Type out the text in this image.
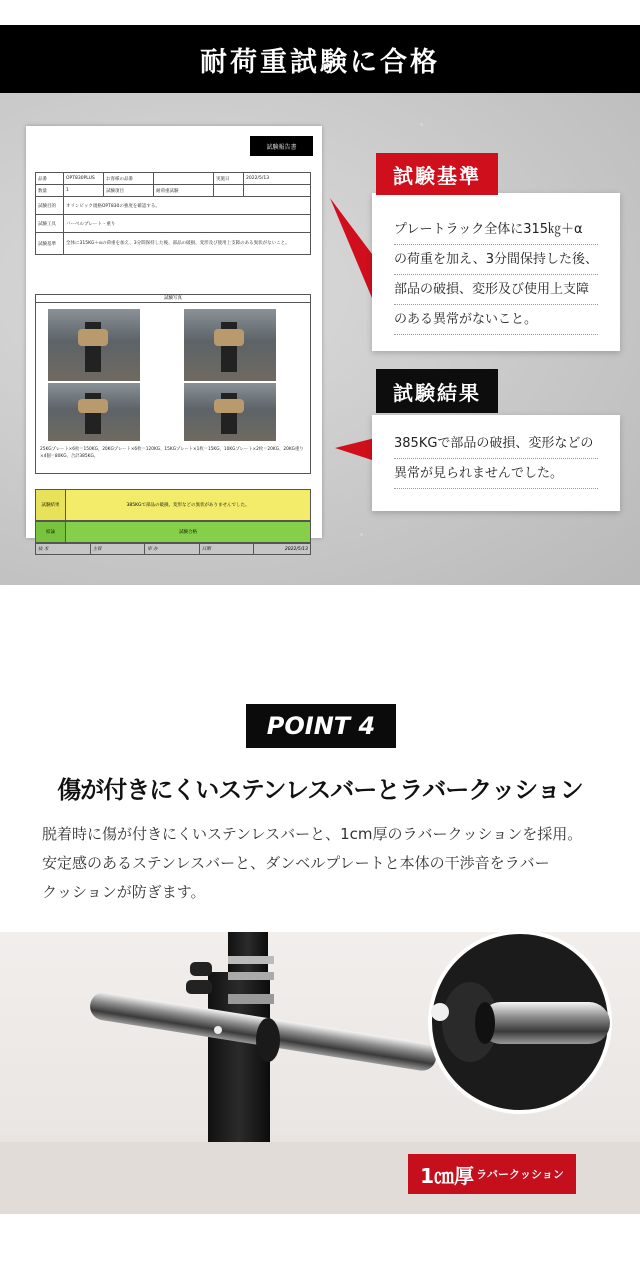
耐荷重試験に合格
試験報告書
品番	OPT830PLUS	お客様の品番		実施日	2022/5/13
数量	1	試験項目	耐荷重試験		
試験目的	オリンピック規格OPT830の強度を確認する。				
試験工具	バーベルプレート・重り				
試験基準	全体に315KG＋αの荷重を加え、3分間保持した後、部品の破損、変形及び使用上支障のある異状がないこと。				
試験写真
25KGプレート×6枚＝150KG、20KGプレート×6枚＝120KG、15KGプレート×1枚＝15KG、10KGプレート×2枚＝20KG、20KG重り×4個＝80KG、合計385KG。
試験結果	385KGで部品の破損、変形などの異状がありませんでした。
結論	試験合格
技 术	主管	审 办	日期	2022/5/13
プレートラック全体に315㎏＋α
の荷重を加え、3分間保持した後、
部品の破損、変形及び使用上支障
のある異常がないこと。
試験基準
385KGで部品の破損、変形などの
異常が見られませんでした。
試験結果
POINT 4
傷が付きにくいステンレスバーとラバークッション
脱着時に傷が付きにくいステンレスバーと、1cm厚のラバークッションを採用。
安定感のあるステンレスバーと、ダンベルプレートと本体の干渉音をラバー
クッションが防ぎます。
1㎝厚 ラバークッション
